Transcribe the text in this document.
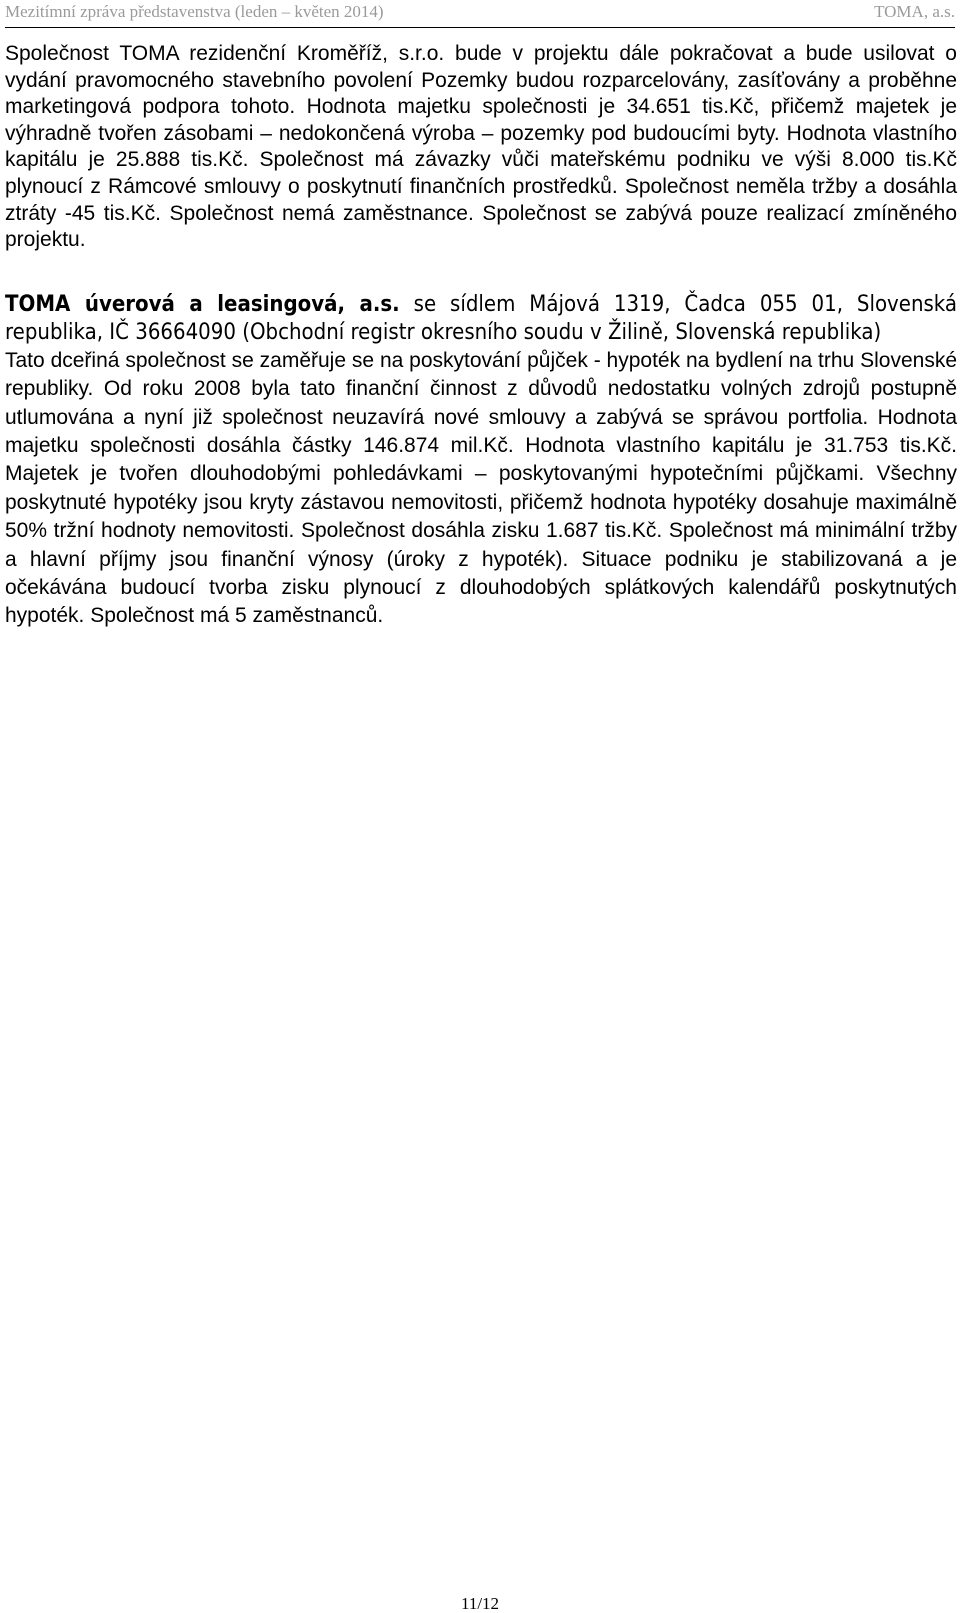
Mezitímní zpráva představenstva (leden – květen 2014)	TOMA, a.s.

Společnost TOMA rezidenční Kroměříž, s.r.o. bude v projektu dále pokračovat a bude usilovat o vydání pravomocného stavebního povolení Pozemky budou rozparcelovány, zasíťovány a proběhne marketingová podpora tohoto. Hodnota majetku společnosti je 34.651 tis.Kč, přičemž majetek je výhradně tvořen zásobami – nedokončená výroba – pozemky pod budoucími byty. Hodnota vlastního kapitálu je 25.888 tis.Kč. Společnost má závazky vůči mateřskému podniku ve výši 8.000 tis.Kč plynoucí z Rámcové smlouvy o poskytnutí finančních prostředků. Společnost neměla tržby a dosáhla ztráty -45 tis.Kč. Společnost nemá zaměstnance. Společnost se zabývá pouze realizací zmíněného projektu.

TOMA úverová a leasingová, a.s. se sídlem Májová 1319, Čadca 055 01, Slovenská republika, IČ 36664090 (Obchodní registr okresního soudu v Žilině, Slovenská republika)

Tato dceřiná společnost se zaměřuje se na poskytování půjček - hypoték na bydlení na trhu Slovenské republiky. Od roku 2008 byla tato finanční činnost z důvodů nedostatku volných zdrojů postupně utlumována a nyní již společnost neuzavírá nové smlouvy a zabývá se správou portfolia. Hodnota majetku společnosti dosáhla částky 146.874 mil.Kč. Hodnota vlastního kapitálu je 31.753 tis.Kč. Majetek je tvořen dlouhodobými pohledávkami – poskytovanými hypotečními půjčkami. Všechny poskytnuté hypotéky jsou kryty zástavou nemovitosti, přičemž hodnota hypotéky dosahuje maximálně 50% tržní hodnoty nemovitosti. Společnost dosáhla zisku 1.687 tis.Kč. Společnost má minimální tržby a hlavní příjmy jsou finanční výnosy (úroky z hypoték). Situace podniku je stabilizovaná a je očekávána budoucí tvorba zisku plynoucí z dlouhodobých splátkových kalendářů poskytnutých hypoték. Společnost má 5 zaměstnanců.

11/12
